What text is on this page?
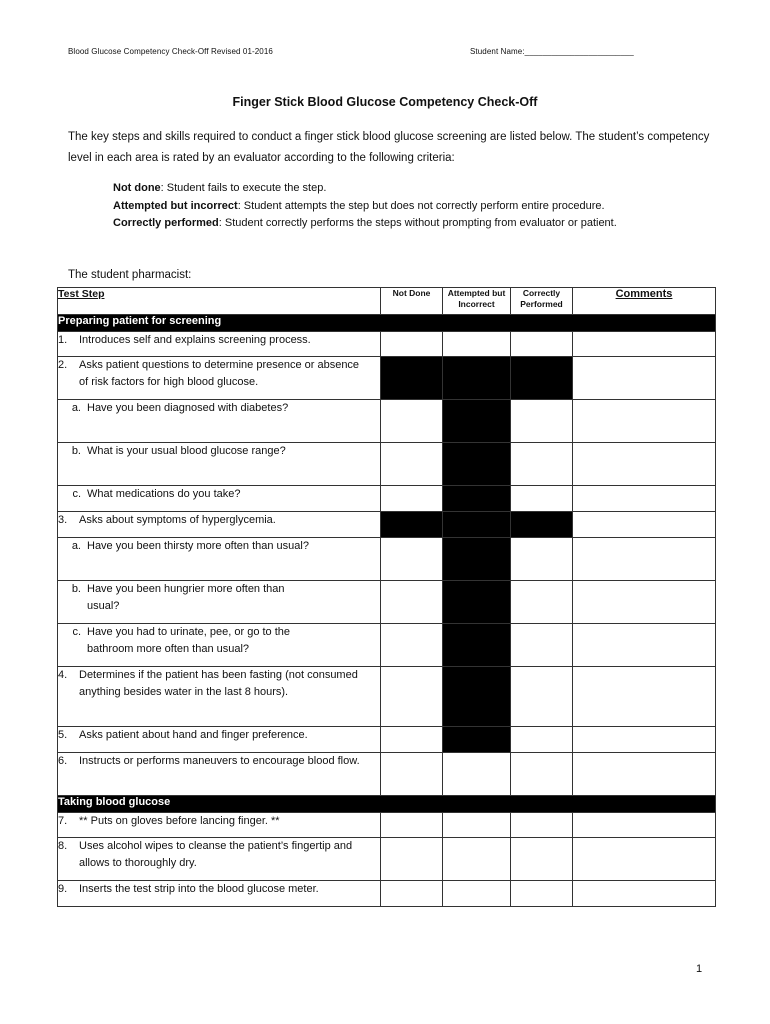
Blood Glucose Competency Check-Off Revised 01-2016	Student Name:________________________
Finger Stick Blood Glucose Competency Check-Off
The key steps and skills required to conduct a finger stick blood glucose screening are listed below. The student’s competency level in each area is rated by an evaluator according to the following criteria:

Not done: Student fails to execute the step.

Attempted but incorrect: Student attempts the step but does not correctly perform entire procedure.

Correctly performed: Student correctly performs the steps without prompting from evaluator or patient.

The student pharmacist:
Test Step	Not Done	Attempted but Incorrect	Correctly Performed	Comments
Preparing patient for screening				
1. Introduces self and explains screening process.				
2. Asks patient questions to determine presence or absence of risk factors for high blood glucose.				
a. Have you been diagnosed with diabetes?				
b. What is your usual blood glucose range?				
c. What medications do you take?				
3. Asks about symptoms of hyperglycemia.				
a. Have you been thirsty more often than usual?				
b. Have you been hungrier more often than usual?				
c. Have you had to urinate, pee, or go to the bathroom more often than usual?				
4. Determines if the patient has been fasting (not consumed anything besides water in the last 8 hours).				
5. Asks patient about hand and finger preference.				
6. Instructs or performs maneuvers to encourage blood flow.				
Taking blood glucose				
7. ** Puts on gloves before lancing finger. **				
8. Uses alcohol wipes to cleanse the patient’s fingertip and allows to thoroughly dry.				
9. Inserts the test strip into the blood glucose meter.				
1
